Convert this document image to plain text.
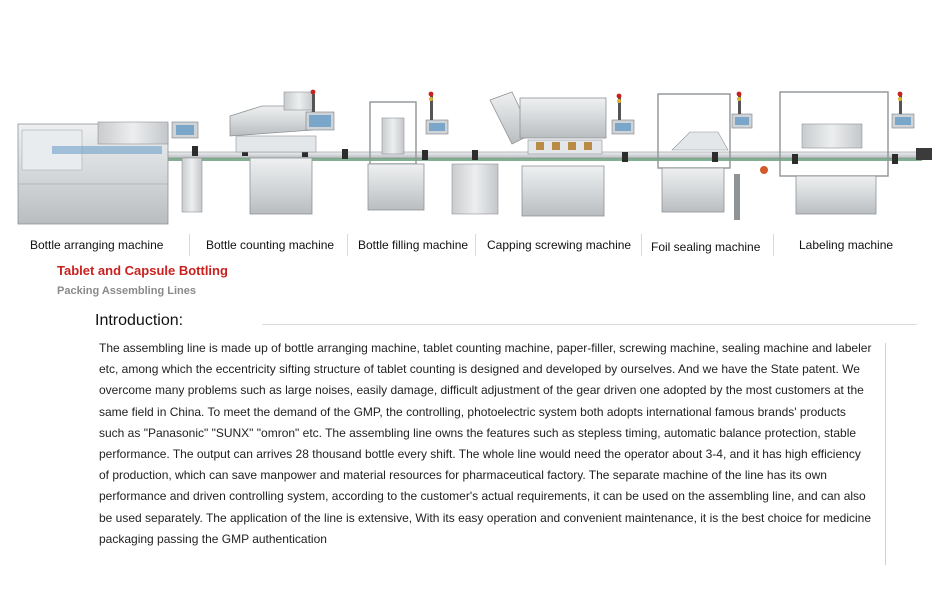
Bottle arranging machine	Bottle counting machine Bottle filling machine Capping screwing machine Foil sealing machine	Labeling machine
Tablet and Capsule Bottling
Packing Assembling Lines
Introduction:
The assembling line is made up of bottle arranging machine, tablet counting machine, paper-filler, screwing machine, sealing machine and labeler etc, among which the eccentricity sifting structure of tablet counting is designed and developed by ourselves. And we have the State patent. We overcome many problems such as large noises, easily damage, difficult adjustment of the gear driven one adopted by the most customers at the same field in China. To meet the demand of the GMP, the controlling, photoelectric system both adopts international famous brands' products such as "Panasonic" "SUNX" "omron" etc. The assembling line owns the features such as stepless timing, automatic balance protection, stable performance. The output can arrives 28 thousand bottle every shift. The whole line would need the operator about 3-4, and it has high efficiency of production, which can save manpower and material resources for pharmaceutical factory. The separate machine of the line has its own performance and driven controlling system, according to the customer's actual requirements, it can be used on the assembling line, and can also be used separately. The application of the line is extensive, With its easy operation and convenient maintenance, it is the best choice for medicine packaging passing the GMP authentication
